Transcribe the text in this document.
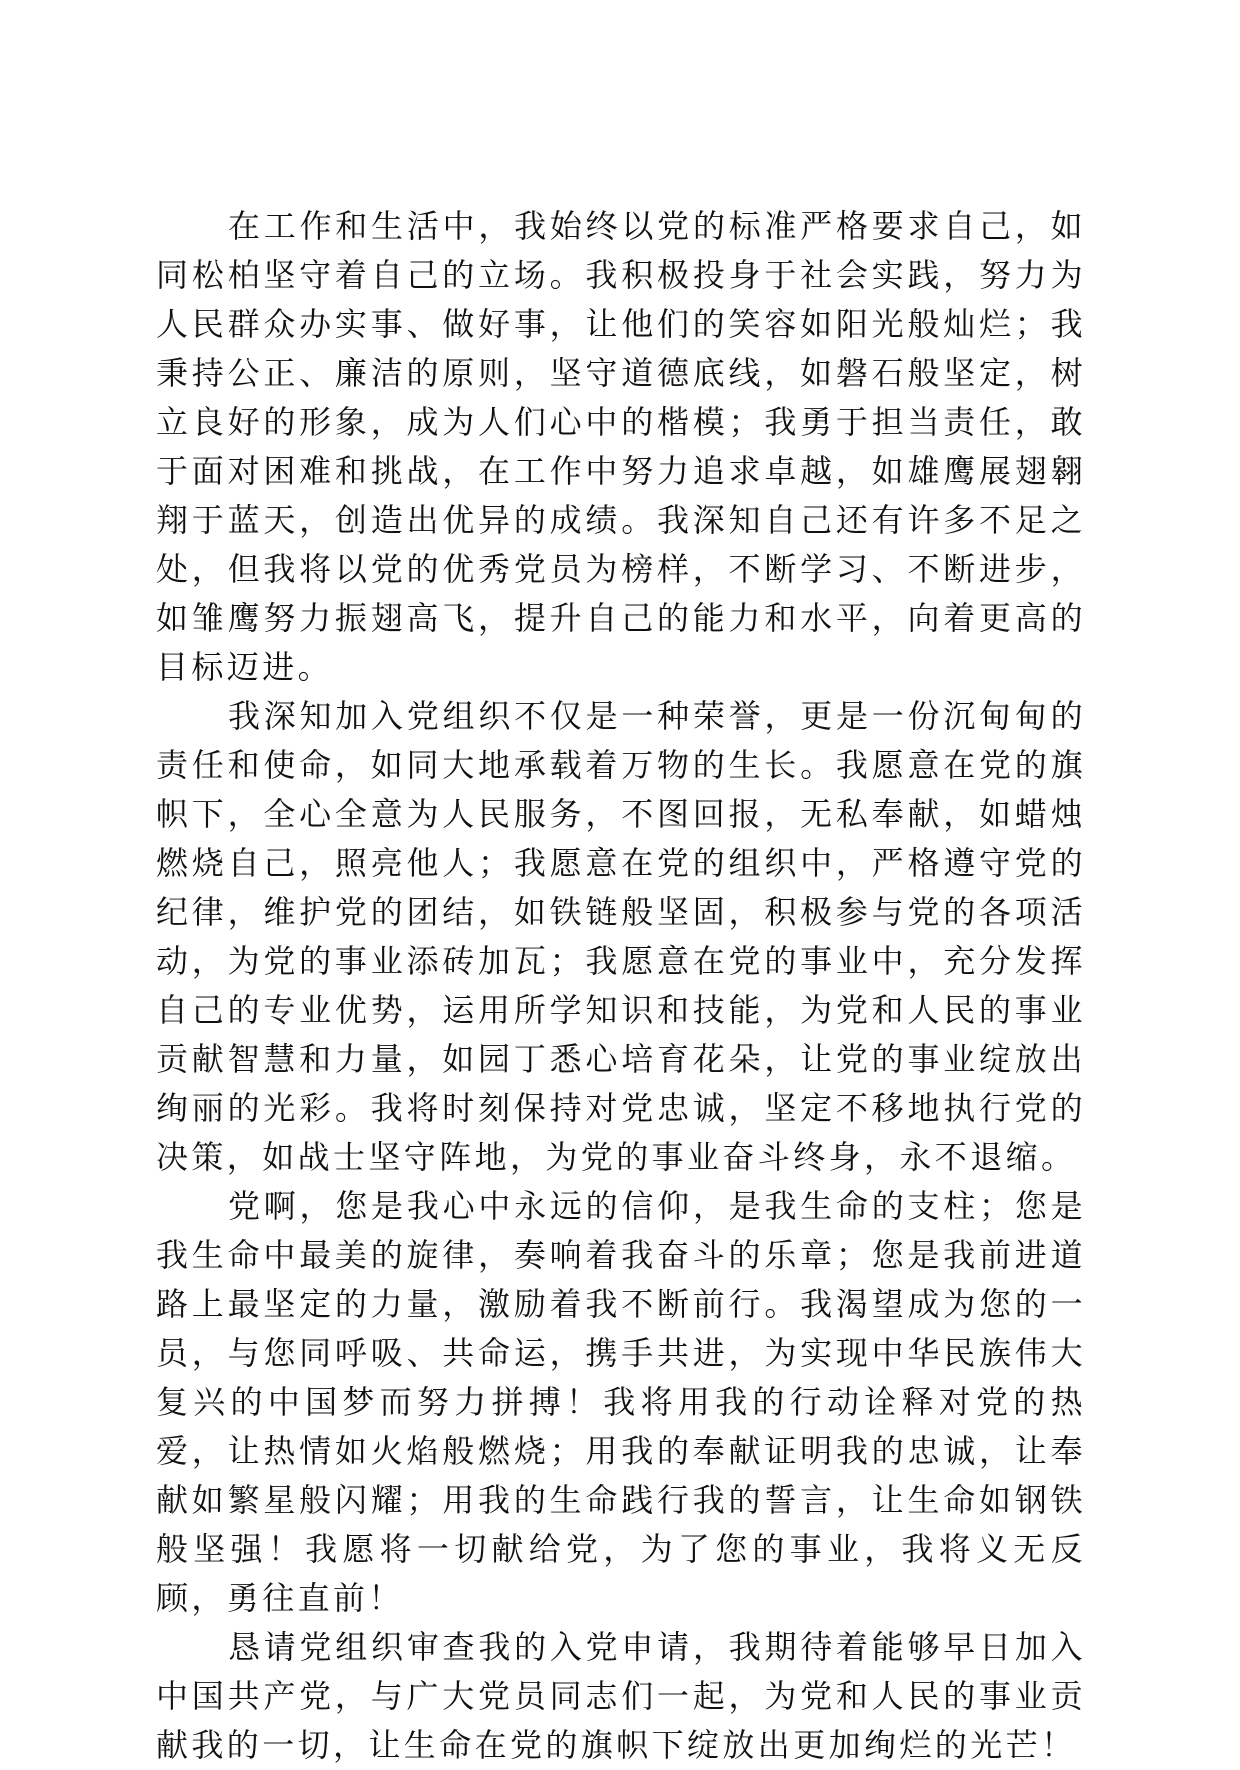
在工作和生活中，我始终以党的标准严格要求自己，如同松柏坚守着自己的立场。我积极投身于社会实践，努力为人民群众办实事、做好事，让他们的笑容如阳光般灿烂；我秉持公正、廉洁的原则，坚守道德底线，如磐石般坚定，树立良好的形象，成为人们心中的楷模；我勇于担当责任，敢于面对困难和挑战，在工作中努力追求卓越，如雄鹰展翅翱翔于蓝天，创造出优异的成绩。我深知自己还有许多不足之处，但我将以党的优秀党员为榜样，不断学习、不断进步，如雏鹰努力振翅高飞，提升自己的能力和水平，向着更高的目标迈进。

我深知加入党组织不仅是一种荣誉，更是一份沉甸甸的责任和使命，如同大地承载着万物的生长。我愿意在党的旗帜下，全心全意为人民服务，不图回报，无私奉献，如蜡烛燃烧自己，照亮他人；我愿意在党的组织中，严格遵守党的纪律，维护党的团结，如铁链般坚固，积极参与党的各项活动，为党的事业添砖加瓦；我愿意在党的事业中，充分发挥自己的专业优势，运用所学知识和技能，为党和人民的事业贡献智慧和力量，如园丁悉心培育花朵，让党的事业绽放出绚丽的光彩。我将时刻保持对党忠诚，坚定不移地执行党的决策，如战士坚守阵地，为党的事业奋斗终身，永不退缩。

党啊，您是我心中永远的信仰，是我生命的支柱；您是我生命中最美的旋律，奏响着我奋斗的乐章；您是我前进道路上最坚定的力量，激励着我不断前行。我渴望成为您的一员，与您同呼吸、共命运，携手共进，为实现中华民族伟大复兴的中国梦而努力拼搏！我将用我的行动诠释对党的热爱，让热情如火焰般燃烧；用我的奉献证明我的忠诚，让奉献如繁星般闪耀；用我的生命践行我的誓言，让生命如钢铁般坚强！我愿将一切献给党，为了您的事业，我将义无反顾，勇往直前！

恳请党组织审查我的入党申请，我期待着能够早日加入中国共产党，与广大党员同志们一起，为党和人民的事业贡献我的一切，让生命在党的旗帜下绽放出更加绚烂的光芒！
